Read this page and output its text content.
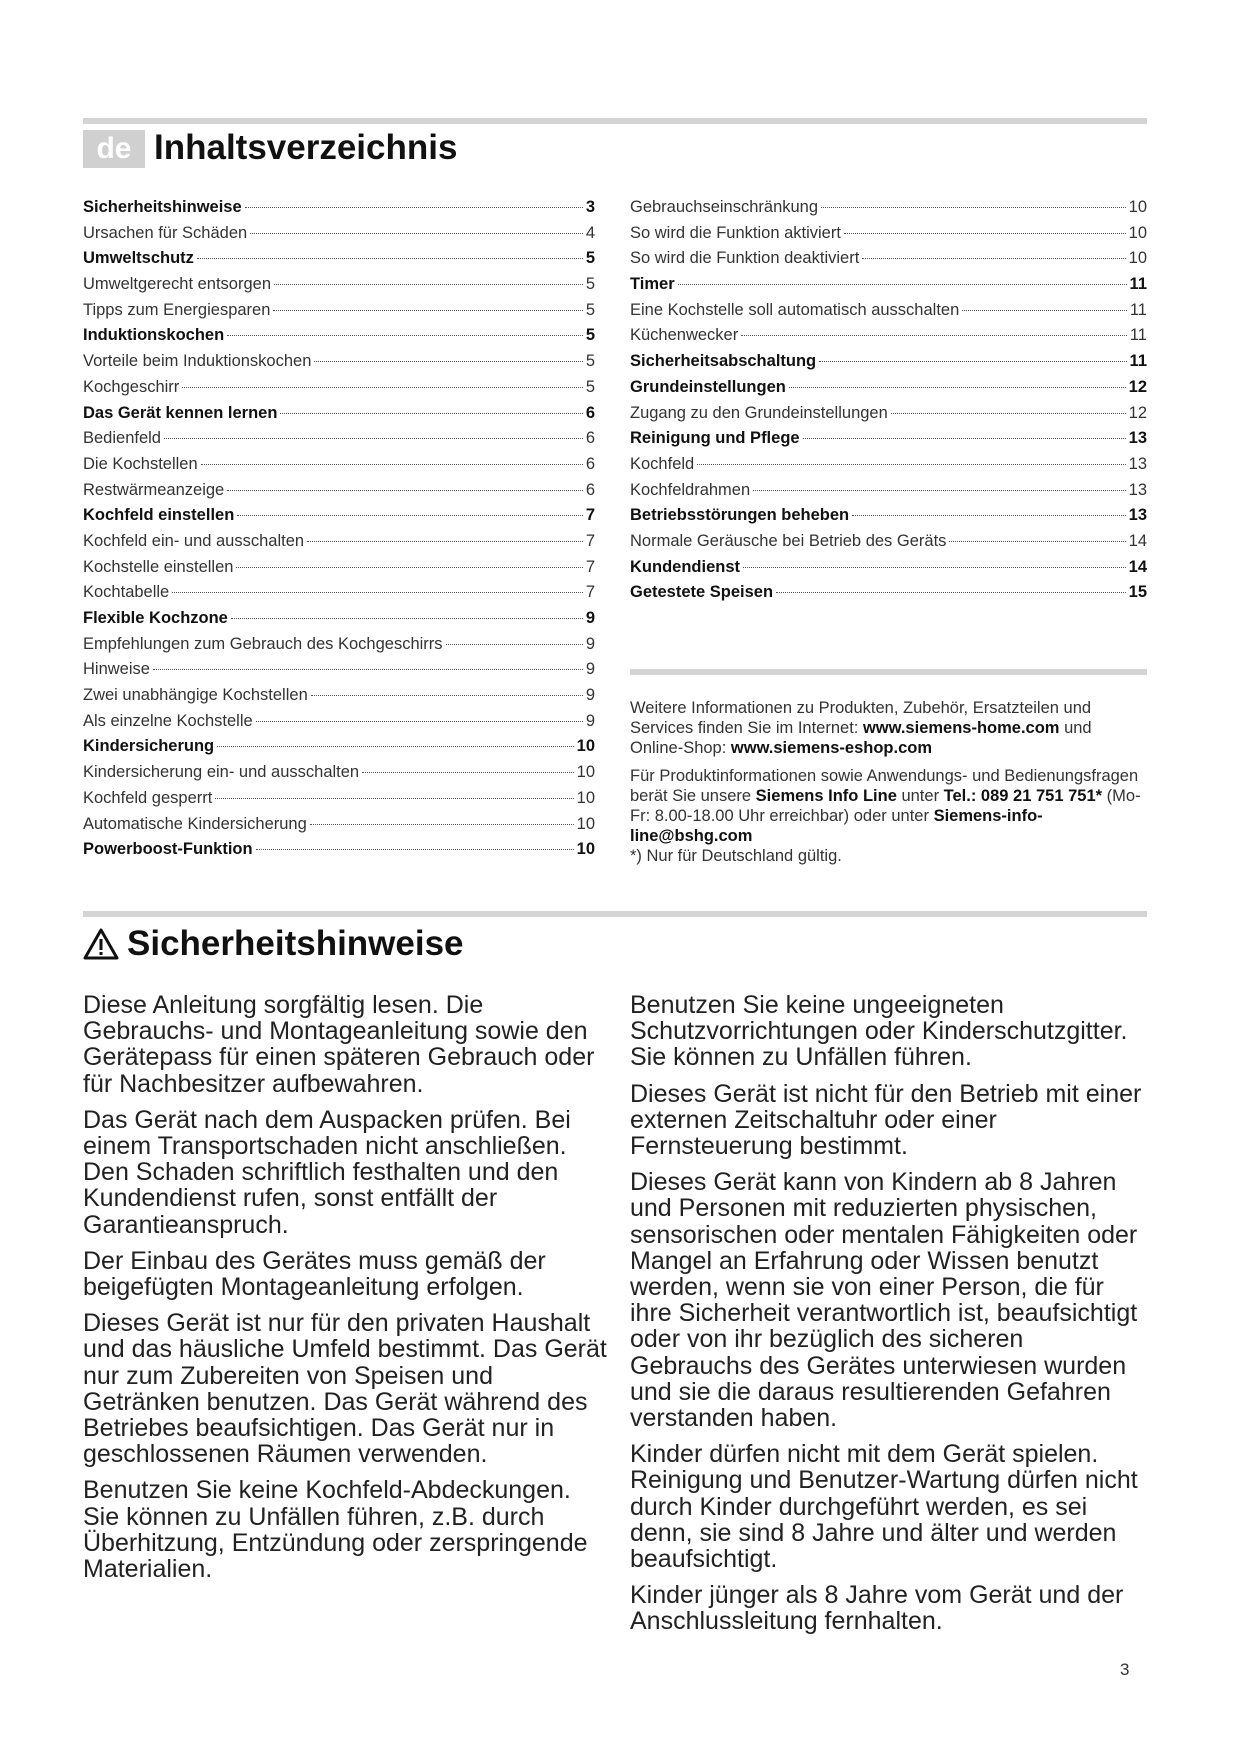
de Inhaltsverzeichnis
Sicherheitshinweise	3
Ursachen für Schäden	4
Umweltschutz	5
Umweltgerecht entsorgen	5
Tipps zum Energiesparen	5
Induktionskochen	5
Vorteile beim Induktionskochen	5
Kochgeschirr	5
Das Gerät kennen lernen	6
Bedienfeld	6
Die Kochstellen	6
Restwärmeanzeige	6
Kochfeld einstellen	7
Kochfeld ein- und ausschalten	7
Kochstelle einstellen	7
Kochtabelle	7
Flexible Kochzone	9
Empfehlungen zum Gebrauch des Kochgeschirrs	9
Hinweise	9
Zwei unabhängige Kochstellen	9
Als einzelne Kochstelle	9
Kindersicherung	10
Kindersicherung ein- und ausschalten	10
Kochfeld gesperrt	10
Automatische Kindersicherung	10
Powerboost-Funktion	10
Gebrauchseinschränkung	10
So wird die Funktion aktiviert	10
So wird die Funktion deaktiviert	10
Timer	11
Eine Kochstelle soll automatisch ausschalten	11
Küchenwecker	11
Sicherheitsabschaltung	11
Grundeinstellungen	12
Zugang zu den Grundeinstellungen	12
Reinigung und Pflege	13
Kochfeld	13
Kochfeldrahmen	13
Betriebsstörungen beheben	13
Normale Geräusche bei Betrieb des Geräts	14
Kundendienst	14
Getestete Speisen	15

Weitere Informationen zu Produkten, Zubehör, Ersatzteilen und Services finden Sie im Internet: www.siemens-home.com und Online-Shop: www.siemens-eshop.com

Für Produktinformationen sowie Anwendungs- und Bedienungsfragen berät Sie unsere Siemens Info Line unter Tel.: 089 21 751 751* (Mo-Fr: 8.00-18.00 Uhr erreichbar) oder unter Siemens-info-line@bshg.com

*) Nur für Deutschland gültig.

Sicherheitshinweise

Diese Anleitung sorgfältig lesen. Die Gebrauchs- und Montageanleitung sowie den Gerätepass für einen späteren Gebrauch oder für Nachbesitzer aufbewahren.

Das Gerät nach dem Auspacken prüfen. Bei einem Transportschaden nicht anschließen. Den Schaden schriftlich festhalten und den Kundendienst rufen, sonst entfällt der Garantieanspruch.

Der Einbau des Gerätes muss gemäß der beigefügten Montageanleitung erfolgen.

Dieses Gerät ist nur für den privaten Haushalt und das häusliche Umfeld bestimmt. Das Gerät nur zum Zubereiten von Speisen und Getränken benutzen. Das Gerät während des Betriebes beaufsichtigen. Das Gerät nur in geschlossenen Räumen verwenden.

Benutzen Sie keine Kochfeld-Abdeckungen. Sie können zu Unfällen führen, z.B. durch Überhitzung, Entzündung oder zerspringende Materialien.

Benutzen Sie keine ungeeigneten Schutzvorrichtungen oder Kinderschutzgitter. Sie können zu Unfällen führen.

Dieses Gerät ist nicht für den Betrieb mit einer externen Zeitschaltuhr oder einer Fernsteuerung bestimmt.

Dieses Gerät kann von Kindern ab 8 Jahren und Personen mit reduzierten physischen, sensorischen oder mentalen Fähigkeiten oder Mangel an Erfahrung oder Wissen benutzt werden, wenn sie von einer Person, die für ihre Sicherheit verantwortlich ist, beaufsichtigt oder von ihr bezüglich des sicheren Gebrauchs des Gerätes unterwiesen wurden und sie die daraus resultierenden Gefahren verstanden haben.

Kinder dürfen nicht mit dem Gerät spielen. Reinigung und Benutzer-Wartung dürfen nicht durch Kinder durchgeführt werden, es sei denn, sie sind 8 Jahre und älter und werden beaufsichtigt.

Kinder jünger als 8 Jahre vom Gerät und der Anschlussleitung fernhalten.

3
